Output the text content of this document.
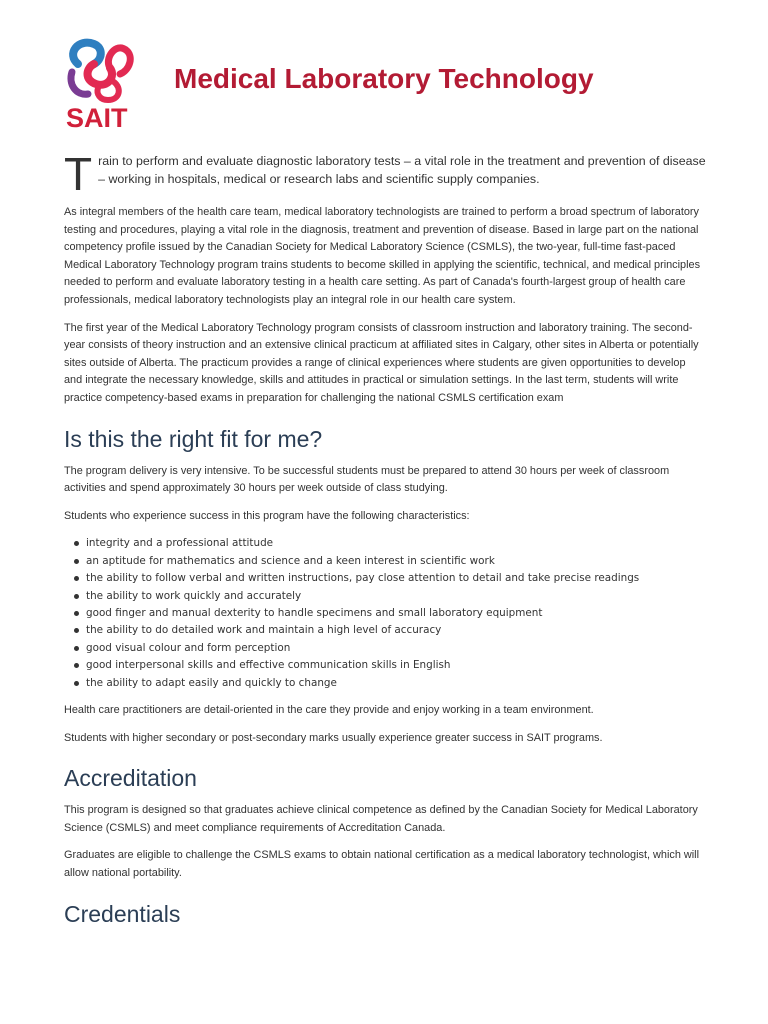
SAIT
Medical Laboratory Technology

T rain to perform and evaluate diagnostic laboratory tests – a vital role in the treatment and prevention of disease – working in hospitals, medical or research labs and scientific supply companies.

As integral members of the health care team, medical laboratory technologists are trained to perform a broad spectrum of laboratory testing and procedures, playing a vital role in the diagnosis, treatment and prevention of disease. Based in large part on the national competency profile issued by the Canadian Society for Medical Laboratory Science (CSMLS), the two-year, full-time fast-paced Medical Laboratory Technology program trains students to become skilled in applying the scientific, technical, and medical principles needed to perform and evaluate laboratory testing in a health care setting. As part of Canada's fourth-largest group of health care professionals, medical laboratory technologists play an integral role in our health care system.

The first year of the Medical Laboratory Technology program consists of classroom instruction and laboratory training. The second-year consists of theory instruction and an extensive clinical practicum at affiliated sites in Calgary, other sites in Alberta or potentially sites outside of Alberta. The practicum provides a range of clinical experiences where students are given opportunities to develop and integrate the necessary knowledge, skills and attitudes in practical or simulation settings. In the last term, students will write practice competency-based exams in preparation for challenging the national CSMLS certification exam

Is this the right fit for me?

The program delivery is very intensive. To be successful students must be prepared to attend 30 hours per week of classroom activities and spend approximately 30 hours per week outside of class studying.

Students who experience success in this program have the following characteristics:

integrity and a professional attitude
an aptitude for mathematics and science and a keen interest in scientific work
the ability to follow verbal and written instructions, pay close attention to detail and take precise readings
the ability to work quickly and accurately
good finger and manual dexterity to handle specimens and small laboratory equipment
the ability to do detailed work and maintain a high level of accuracy
good visual colour and form perception
good interpersonal skills and effective communication skills in English
the ability to adapt easily and quickly to change

Health care practitioners are detail-oriented in the care they provide and enjoy working in a team environment.

Students with higher secondary or post-secondary marks usually experience greater success in SAIT programs.

Accreditation

This program is designed so that graduates achieve clinical competence as defined by the Canadian Society for Medical Laboratory Science (CSMLS) and meet compliance requirements of Accreditation Canada.

Graduates are eligible to challenge the CSMLS exams to obtain national certification as a medical laboratory technologist, which will allow national portability.

Credentials
